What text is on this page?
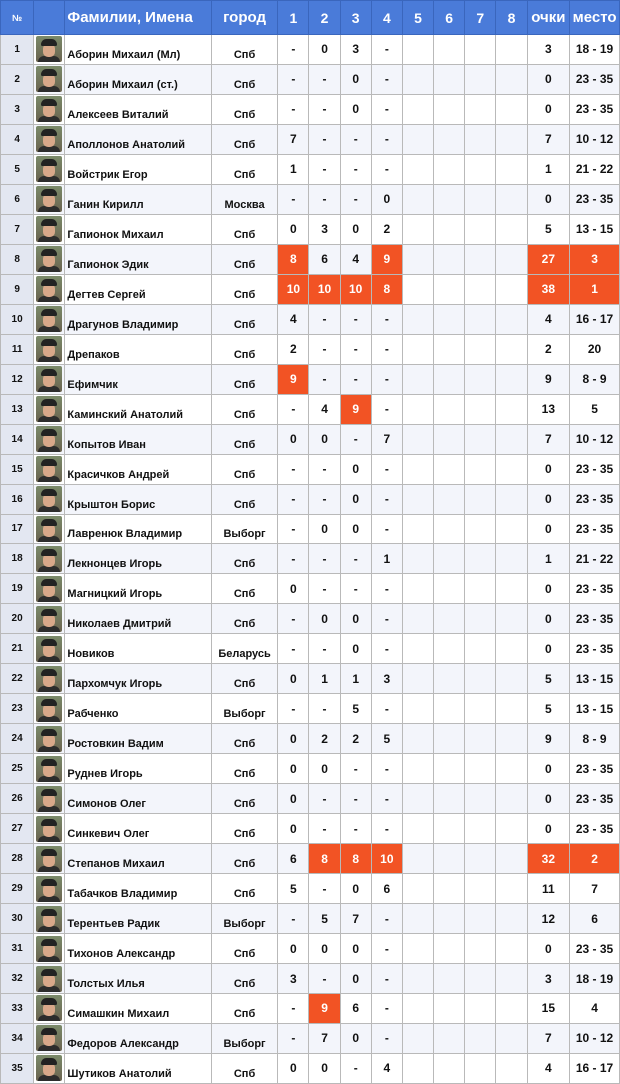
№		Фамилии, Имена	город	1	2	3	4	5	6	7	8	очки	место
1		Аборин Михаил (Мл)	Спб	-	0	3	-					3	18 - 19
2		Аборин Михаил (ст.)	Спб	-	-	0	-					0	23 - 35
3		Алексеев Виталий	Спб	-	-	0	-					0	23 - 35
4		Аполлонов Анатолий	Спб	7	-	-	-					7	10 - 12
5		Войстрик Егор	Спб	1	-	-	-					1	21 - 22
6		Ганин Кирилл	Москва	-	-	-	0					0	23 - 35
7		Гапионок Михаил	Спб	0	3	0	2					5	13 - 15
8		Гапионок Эдик	Спб	8	6	4	9					27	3
9		Дегтев Сергей	Спб	10	10	10	8					38	1
10		Драгунов Владимир	Спб	4	-	-	-					4	16 - 17
11		Дрепаков	Спб	2	-	-	-					2	20
12		Ефимчик	Спб	9	-	-	-					9	8 - 9
13		Каминский Анатолий	Спб	-	4	9	-					13	5
14		Копытов Иван	Спб	0	0	-	7					7	10 - 12
15		Красичков Андрей	Спб	-	-	0	-					0	23 - 35
16		Крыштон Борис	Спб	-	-	0	-					0	23 - 35
17		Лавренюк Владимир	Выборг	-	0	0	-					0	23 - 35
18		Лекнонцев Игорь	Спб	-	-	-	1					1	21 - 22
19		Магницкий Игорь	Спб	0	-	-	-					0	23 - 35
20		Николаев Дмитрий	Спб	-	0	0	-					0	23 - 35
21		Новиков	Беларусь	-	-	0	-					0	23 - 35
22		Пархомчук Игорь	Спб	0	1	1	3					5	13 - 15
23		Рабченко	Выборг	-	-	5	-					5	13 - 15
24		Ростовкин Вадим	Спб	0	2	2	5					9	8 - 9
25		Руднев Игорь	Спб	0	0	-	-					0	23 - 35
26		Симонов Олег	Спб	0	-	-	-					0	23 - 35
27		Синкевич Олег	Спб	0	-	-	-					0	23 - 35
28		Степанов Михаил	Спб	6	8	8	10					32	2
29		Табачков Владимир	Спб	5	-	0	6					11	7
30		Терентьев Радик	Выборг	-	5	7	-					12	6
31		Тихонов Александр	Спб	0	0	0	-					0	23 - 35
32		Толстых Илья	Спб	3	-	0	-					3	18 - 19
33		Симашкин Михаил	Спб	-	9	6	-					15	4
34		Федоров Александр	Выборг	-	7	0	-					7	10 - 12
35		Шутиков Анатолий	Спб	0	0	-	4					4	16 - 17
